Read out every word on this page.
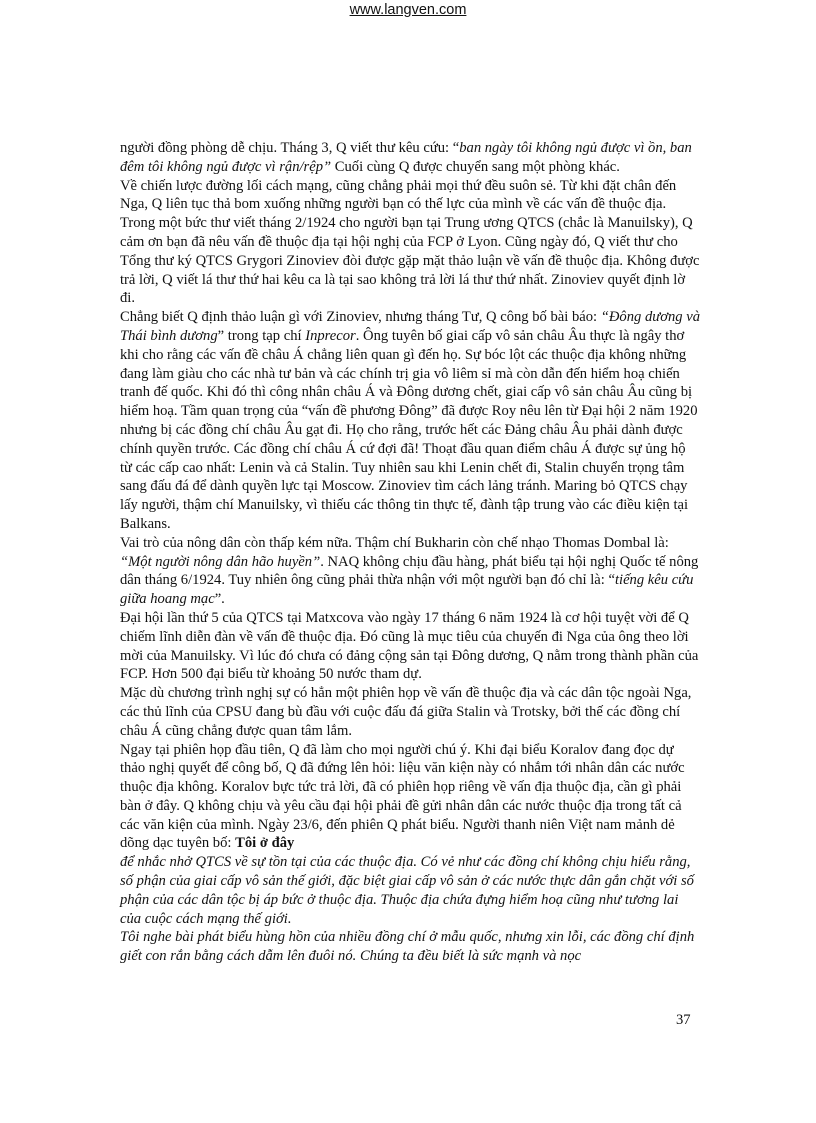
www.langven.com

người đồng phòng dễ chịu. Tháng 3, Q viết thư kêu cứu: “ban ngày tôi không ngủ được vì ồn, ban đêm tôi không ngủ được vì rận/rệp” Cuối cùng Q được chuyển sang một phòng khác.

Về chiến lược đường lối cách mạng, cũng chẳng phải mọi thứ đều suôn sẻ. Từ khi đặt chân đến Nga, Q liên tục thả bom xuống những người bạn có thế lực của mình về các vấn đề thuộc địa. Trong một bức thư viết tháng 2/1924 cho người bạn tại Trung ương QTCS (chắc là Manuilsky), Q cảm ơn bạn đã nêu vấn đề thuộc địa tại hội nghị của FCP ở Lyon. Cũng ngày đó, Q viết thư cho Tổng thư ký QTCS Grygori Zinoviev đòi được gặp mặt thảo luận về vấn đề thuộc địa. Không được trả lời, Q viết lá thư thứ hai kêu ca là tại sao không trả lời lá thư thứ nhất. Zinoviev quyết định lờ đi.

Chẳng biết Q định thảo luận gì với Zinoviev, nhưng tháng Tư, Q công bố bài báo: “Đông dương và Thái bình dương” trong tạp chí Inprecor. Ông tuyên bố giai cấp vô sản châu Âu thực là ngây thơ khi cho rằng các vấn đề châu Á chẳng liên quan gì đến họ. Sự bóc lột các thuộc địa không những đang làm giàu cho các nhà tư bản và các chính trị gia vô liêm sỉ mà còn dẫn đến hiểm hoạ chiến tranh đế quốc. Khi đó thì công nhân châu Á và Đông dương chết, giai cấp vô sản châu Âu cũng bị hiểm hoạ. Tầm quan trọng của “vấn đề phương Đông” đã được Roy nêu lên từ Đại hội 2 năm 1920 nhưng bị các đồng chí châu Âu gạt đi. Họ cho rằng, trước hết các Đảng châu Âu phải dành được chính quyền trước. Các đồng chí châu Á cứ đợi đã! Thoạt đầu quan điểm châu Á được sự ủng hộ từ các cấp cao nhất: Lenin và cả Stalin. Tuy nhiên sau khi Lenin chết đi, Stalin chuyển trọng tâm sang đấu đá để dành quyền lực tại Moscow. Zinoviev tìm cách lảng tránh. Maring bỏ QTCS chạy lấy người, thậm chí Manuilsky, vì thiếu các thông tin thực tế, đành tập trung vào các điều kiện tại Balkans.

Vai trò của nông dân còn thấp kém nữa. Thậm chí Bukharin còn chế nhạo Thomas Dombal là: “Một người nông dân hão huyền”. NAQ không chịu đầu hàng, phát biểu tại hội nghị Quốc tế nông dân tháng 6/1924. Tuy nhiên ông cũng phải thừa nhận với một người bạn đó chỉ là: “tiếng kêu cứu giữa hoang mạc”.

Đại hội lần thứ 5 của QTCS tại Matxcova vào ngày 17 tháng 6 năm 1924 là cơ hội tuyệt vời để Q chiếm lĩnh diễn đàn về vấn đề thuộc địa. Đó cũng là mục tiêu của chuyến đi Nga của ông theo lời mời của Manuilsky. Vì lúc đó chưa có đảng cộng sản tại Đông dương, Q nằm trong thành phần của FCP. Hơn 500 đại biểu từ khoảng 50 nước tham dự.

Mặc dù chương trình nghị sự có hẳn một phiên họp về vấn đề thuộc địa và các dân tộc ngoài Nga, các thủ lĩnh của CPSU đang bù đầu với cuộc đấu đá giữa Stalin và Trotsky, bởi thế các đồng chí châu Á cũng chẳng được quan tâm lắm.

Ngay tại phiên họp đầu tiên, Q đã làm cho mọi người chú ý. Khi đại biểu Koralov đang đọc dự thảo nghị quyết để công bố, Q đã đứng lên hỏi: liệu văn kiện này có nhắm tới nhân dân các nước thuộc địa không. Koralov bực tức trả lời, đã có phiên họp riêng về vấn địa thuộc địa, cần gì phải bàn ở đây. Q không chịu và yêu cầu đại hội phải đề gửi nhân dân các nước thuộc địa trong tất cả các văn kiện của mình. Ngày 23/6, đến phiên Q phát biểu. Người thanh niên Việt nam mảnh dẻ dõng dạc tuyên bố: Tôi ở đây

để nhắc nhở QTCS về sự tồn tại của các thuộc địa. Có vẻ như các đồng chí không chịu hiểu rằng, số phận của giai cấp vô sản thế giới, đặc biệt giai cấp vô sản ở các nước thực dân gắn chặt với số phận của các dân tộc bị áp bức ở thuộc địa. Thuộc địa chứa đựng hiểm hoạ cũng như tương lai của cuộc cách mạng thế giới.

Tôi nghe bài phát biểu hùng hồn của nhiều đồng chí ở mẫu quốc, nhưng xin lỗi, các đồng chí định giết con rắn bằng cách dẫm lên đuôi nó. Chúng ta đều biết là sức mạnh và nọc

37
